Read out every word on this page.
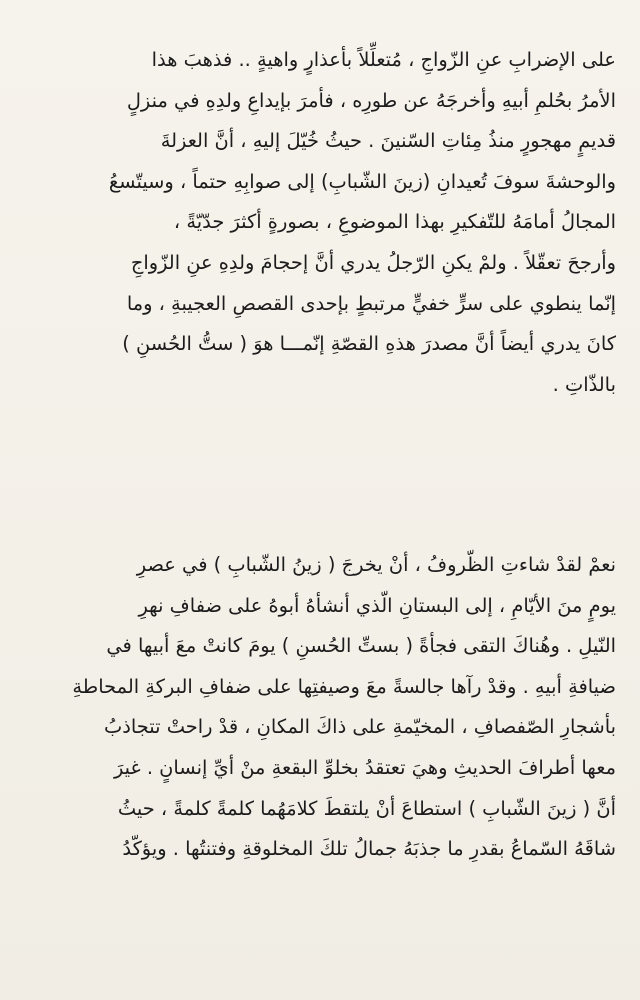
على الإضرابِ عنِ الزّواجِ ، مُتعلِّلاً بأعذارٍ واهيةٍ .. فذهبَ هذا
الأمرُ بحُلمِ أبيهِ وأخرجَهُ عن طورِه ، فأمرَ بإيداعِ ولدِهِ في منزلٍ
قديمٍ مهجورٍ منذُ مِئاتِ السّنينَ . حيثُ خُيّلَ إليهِ ، أنَّ العزلةَ
والوحشةَ سوفَ تُعيدانِ (زينَ الشّبابِ) إلى صوابِهِ حتماً ، وسيتّسعُ
المجالُ أمامَهُ للتّفكيرِ بهذا الموضوعِ ، بصورةٍ أكثرَ جدّيّةً ،
وأرجحَ تعقّلاً . ولمْ يكنِ الرّجلُ يدري أنَّ إحجامَ ولدِهِ عنِ الزّواجِ
إنّما ينطوي على سرٍّ خفيٍّ مرتبطٍ بإحدى القصصِ العجيبةِ ، وما
كانَ يدري أيضاً أنَّ مصدرَ هذهِ القصّةِ إنّمـــا هوَ ( ستُّ الحُسنِ )
بالذّاتِ .
نعمْ لقدْ شاءتِ الظّروفُ ، أنْ يخرجَ ( زينُ الشّبابِ ) في عصرِ
يومٍ منَ الأيّامِ ، إلى البستانِ الّذي أنشأهُ أبوهُ على ضفافِ نهرِ
النّيلِ . وهُناكَ التقى فجأةً ( بستِّ الحُسنِ ) يومَ كانتْ معَ أبيها في
ضيافةِ أبيهِ . وقدْ رآها جالسةً معَ وصيفتِها على ضفافِ البركةِ المحاطةِ
بأشجارِ الصّفصافِ ، المخيّمةِ على ذاكَ المكانِ ، قدْ راحتْ تتجاذبُ
معها أطرافَ الحديثِ وهيَ تعتقدُ بخلوِّ البقعةِ منْ أيِّ إنسانٍ . غيرَ
أنَّ ( زينَ الشّبابِ ) استطاعَ أنْ يلتقطَ كلامَهُما كلمةً كلمةً ، حيثُ
شاقَهُ السّماعُ بقدرِ ما جذبَهُ جمالُ تلكَ المخلوقةِ وفتنتُها . ويؤكّدُ
